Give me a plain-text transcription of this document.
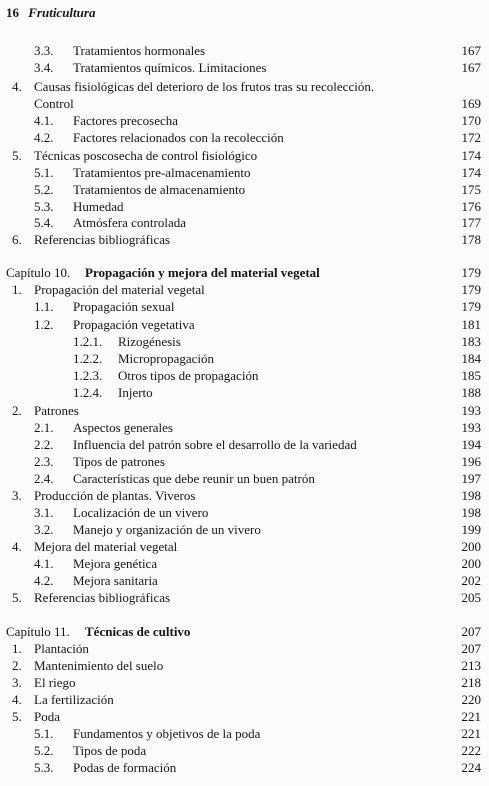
16 Fruticultura
3.3. Tratamientos hormonales	167
3.4. Tratamientos químicos. Limitaciones	167
4. Causas fisiológicas del deterioro de los frutos tras su recolección.
Control	169
4.1. Factores precosecha	170
4.2. Factores relacionados con la recolección	172
5. Técnicas poscosecha de control fisiológico	174
5.1. Tratamientos pre-almacenamiento	174
5.2. Tratamientos de almacenamiento	175
5.3. Humedad	176
5.4. Atmósfera controlada	177
6. Referencias bibliográficas	178
Capítulo 10. Propagación y mejora del material vegetal	179
1. Propagación del material vegetal	179
1.1. Propagación sexual	179
1.2. Propagación vegetativa	181
1.2.1. Rizogénesis	183
1.2.2. Micropropagación	184
1.2.3. Otros tipos de propagación	185
1.2.4. Injerto	188
2. Patrones	193
2.1. Aspectos generales	193
2.2. Influencia del patrón sobre el desarrollo de la variedad	194
2.3. Tipos de patrones	196
2.4. Características que debe reunir un buen patrón	197
3. Producción de plantas. Viveros	198
3.1. Localización de un vivero	198
3.2. Manejo y organización de un vivero	199
4. Mejora del material vegetal	200
4.1. Mejora genética	200
4.2. Mejora sanitaria	202
5. Referencias bibliográficas	205
Capítulo 11. Técnicas de cultivo	207
1. Plantación	207
2. Mantenimiento del suelo	213
3. El riego	218
4. La fertilización	220
5. Poda	221
5.1. Fundamentos y objetivos de la poda	221
5.2. Tipos de poda	222
5.3. Podas de formación	224
